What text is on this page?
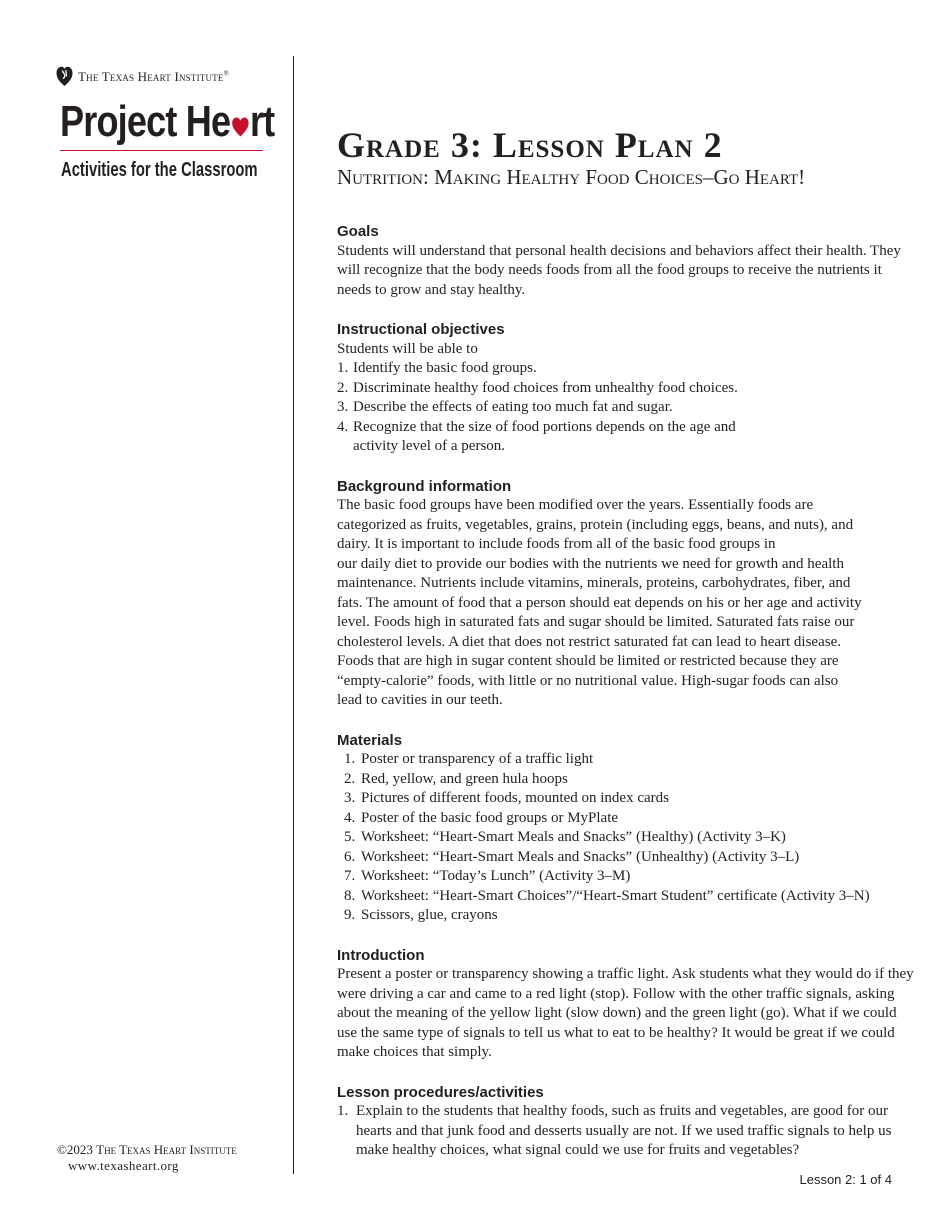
The Texas Heart Institute®
Project He rt
Activities for the Classroom
©2023 The Texas Heart Institute
www.texasheart.org
Grade 3: Lesson Plan 2
Nutrition: Making Healthy Food Choices–Go Heart!
Goals

Students will understand that personal health decisions and behaviors affect their health. They will recognize that the body needs foods from all the food groups to receive the nutrients it needs to grow and stay healthy.

Instructional objectives
Students will be able to
1. Identify the basic food groups.
2. Discriminate healthy food choices from unhealthy food choices.
3. Describe the effects of eating too much fat and sugar.
4. Recognize that the size of food portions depends on the age and activity level of a person.
Background information
The basic food groups have been modified over the years. Essentially foods are
categorized as fruits, vegetables, grains, protein (including eggs, beans, and nuts), and
dairy. It is important to include foods from all of the basic food groups in
our daily diet to provide our bodies with the nutrients we need for growth and health
maintenance. Nutrients include vitamins, minerals, proteins, carbohydrates, fiber, and
fats. The amount of food that a person should eat depends on his or her age and activity
level. Foods high in saturated fats and sugar should be limited. Saturated fats raise our
cholesterol levels. A diet that does not restrict saturated fat can lead to heart disease.
Foods that are high in sugar content should be limited or restricted because they are
“empty-calorie” foods, with little or no nutritional value. High-sugar foods can also
lead to cavities in our teeth.
Materials
1. Poster or transparency of a traffic light
2. Red, yellow, and green hula hoops
3. Pictures of different foods, mounted on index cards
4. Poster of the basic food groups or MyPlate
5. Worksheet: “Heart-Smart Meals and Snacks” (Healthy) (Activity 3–K)
6. Worksheet: “Heart-Smart Meals and Snacks” (Unhealthy) (Activity 3–L)
7. Worksheet: “Today’s Lunch” (Activity 3–M)
8. Worksheet: “Heart-Smart Choices”/“Heart-Smart Student” certificate (Activity 3–N)
9. Scissors, glue, crayons
Introduction

Present a poster or transparency showing a traffic light. Ask students what they would do if they were driving a car and came to a red light (stop). Follow with the other traffic signals, asking about the meaning of the yellow light (slow down) and the green light (go). What if we could use the same type of signals to tell us what to eat to be healthy? It would be great if we could make choices that simply.

Lesson procedures/activities
1. Explain to the students that healthy foods, such as fruits and vegetables, are good for our hearts and that junk food and desserts usually are not. If we used traffic signals to help us make healthy choices, what signal could we use for fruits and vegetables?
Lesson 2: 1 of 4
